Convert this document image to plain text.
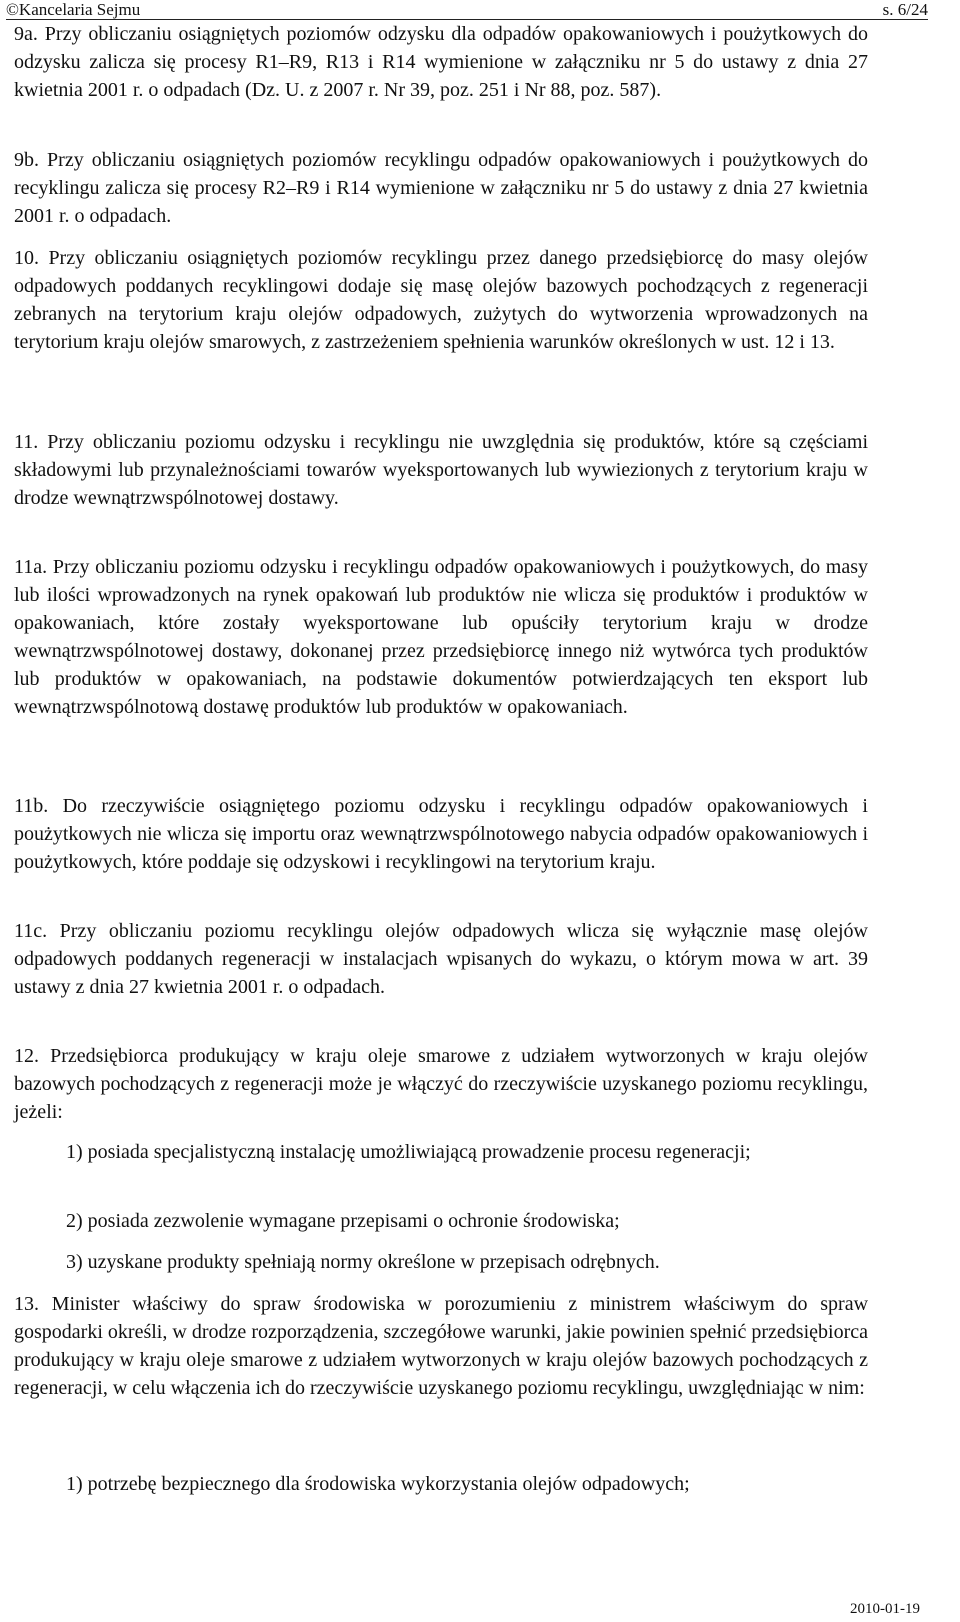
©Kancelaria Sejmu	s. 6/24
9a. Przy obliczaniu osiągniętych poziomów odzysku dla odpadów opakowaniowych i poużytkowych do odzysku zalicza się procesy R1–R9, R13 i R14 wymienione w załączniku nr 5 do ustawy z dnia 27 kwietnia 2001 r. o odpadach (Dz. U. z 2007 r. Nr 39, poz. 251 i Nr 88, poz. 587).
9b. Przy obliczaniu osiągniętych poziomów recyklingu odpadów opakowaniowych i poużytkowych do recyklingu zalicza się procesy R2–R9 i R14 wymienione w załączniku nr 5 do ustawy z dnia 27 kwietnia 2001 r. o odpadach.
10. Przy obliczaniu osiągniętych poziomów recyklingu przez danego przedsiębiorcę do masy olejów odpadowych poddanych recyklingowi dodaje się masę olejów bazowych pochodzących z regeneracji zebranych na terytorium kraju olejów odpadowych, zużytych do wytworzenia wprowadzonych na terytorium kraju olejów smarowych, z zastrzeżeniem spełnienia warunków określonych w ust. 12 i 13.
11. Przy obliczaniu poziomu odzysku i recyklingu nie uwzględnia się produktów, które są częściami składowymi lub przynależnościami towarów wyeksportowanych lub wywiezionych z terytorium kraju w drodze wewnątrzwspólnotowej dostawy.
11a. Przy obliczaniu poziomu odzysku i recyklingu odpadów opakowaniowych i poużytkowych, do masy lub ilości wprowadzonych na rynek opakowań lub produktów nie wlicza się produktów i produktów w opakowaniach, które zostały wyeksportowane lub opuściły terytorium kraju w drodze wewnątrzwspólnotowej dostawy, dokonanej przez przedsiębiorcę innego niż wytwórca tych produktów lub produktów w opakowaniach, na podstawie dokumentów potwierdzających ten eksport lub wewnątrzwspólnotową dostawę produktów lub produktów w opakowaniach.
11b. Do rzeczywiście osiągniętego poziomu odzysku i recyklingu odpadów opakowaniowych i poużytkowych nie wlicza się importu oraz wewnątrzwspólnotowego nabycia odpadów opakowaniowych i poużytkowych, które poddaje się odzyskowi i recyklingowi na terytorium kraju.
11c. Przy obliczaniu poziomu recyklingu olejów odpadowych wlicza się wyłącznie masę olejów odpadowych poddanych regeneracji w instalacjach wpisanych do wykazu, o którym mowa w art. 39 ustawy z dnia 27 kwietnia 2001 r. o odpadach.
12. Przedsiębiorca produkujący w kraju oleje smarowe z udziałem wytworzonych w kraju olejów bazowych pochodzących z regeneracji może je włączyć do rzeczywiście uzyskanego poziomu recyklingu, jeżeli:
1) posiada specjalistyczną instalację umożliwiającą prowadzenie procesu regeneracji;
2) posiada zezwolenie wymagane przepisami o ochronie środowiska;
3) uzyskane produkty spełniają normy określone w przepisach odrębnych.
13. Minister właściwy do spraw środowiska w porozumieniu z ministrem właściwym do spraw gospodarki określi, w drodze rozporządzenia, szczegółowe warunki, jakie powinien spełnić przedsiębiorca produkujący w kraju oleje smarowe z udziałem wytworzonych w kraju olejów bazowych pochodzących z regeneracji, w celu włączenia ich do rzeczywiście uzyskanego poziomu recyklingu, uwzględniając w nim:
1) potrzebę bezpiecznego dla środowiska wykorzystania olejów odpadowych;
2010-01-19
